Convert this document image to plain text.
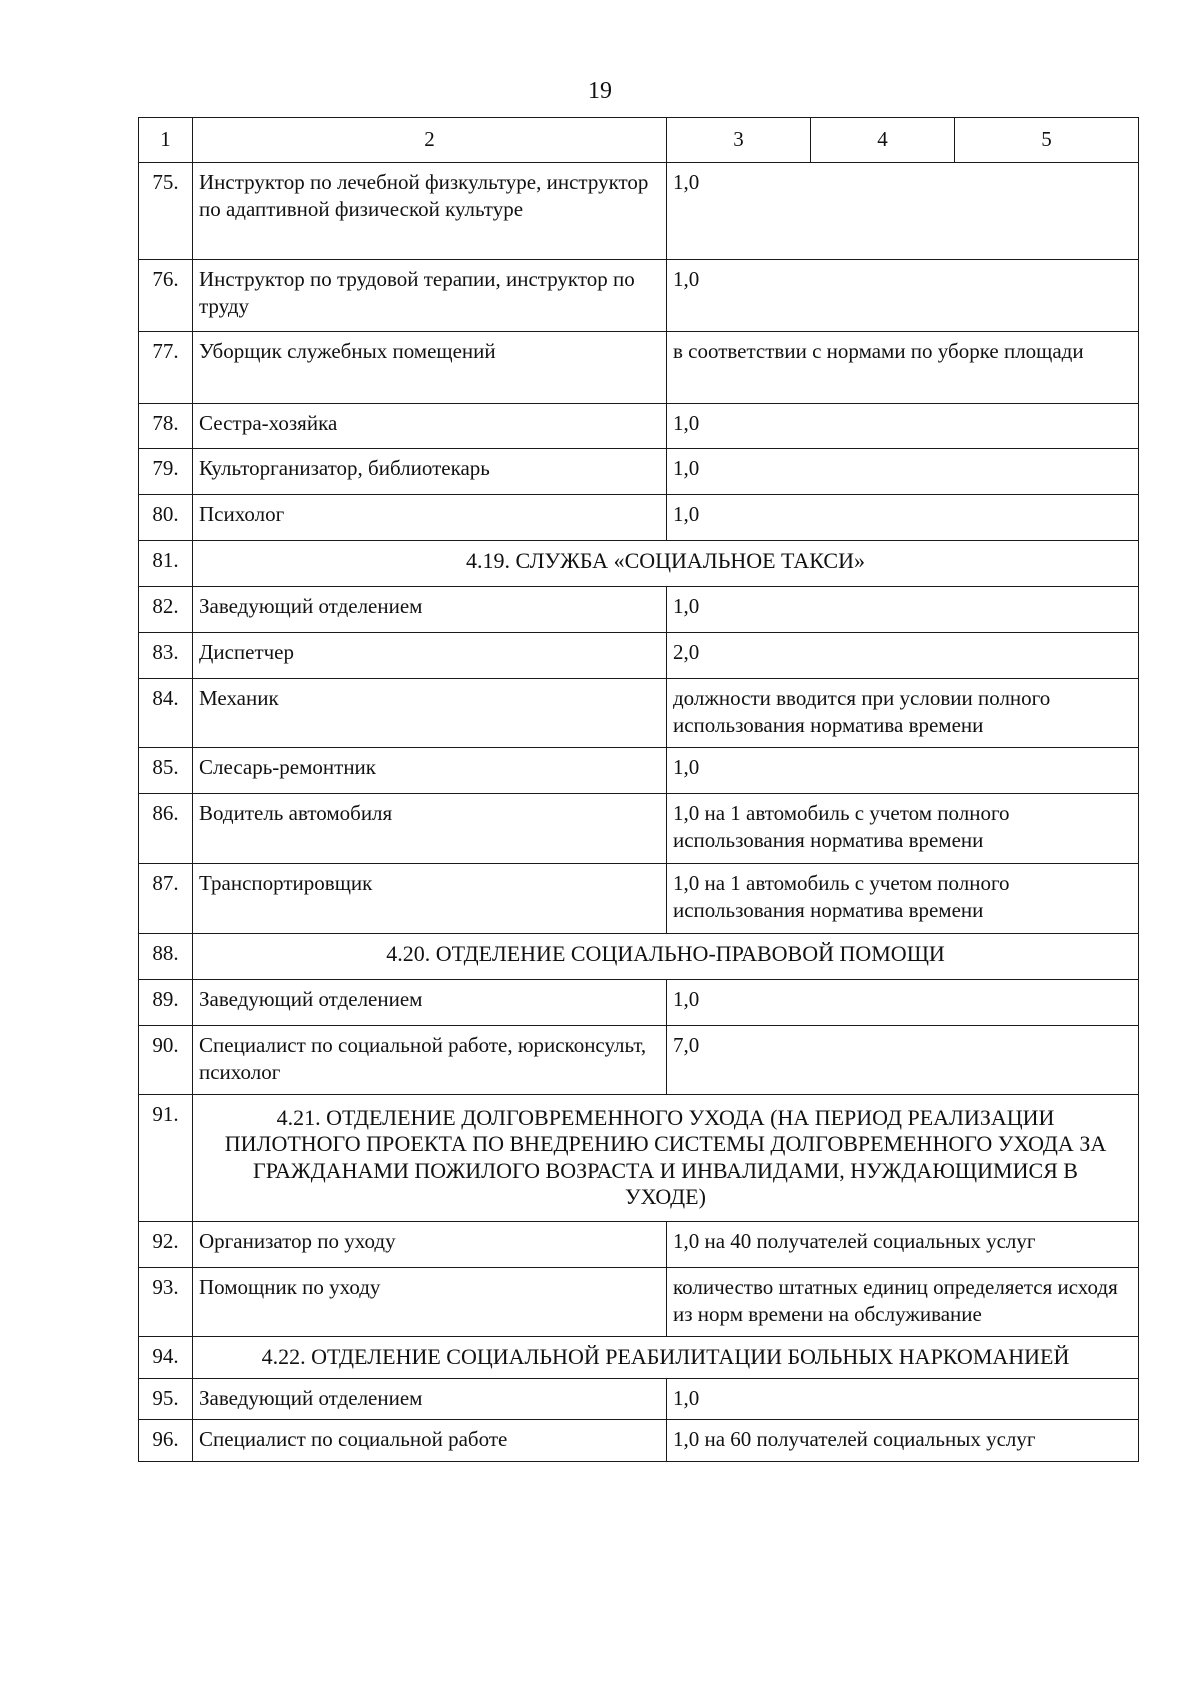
19
1	2	3	4	5
75.	Инструктор по лечебной физкультуре, инструктор по адаптивной физической культуре	1,0		
76.	Инструктор по трудовой терапии, инструктор по труду	1,0		
77.	Уборщик служебных помещений	в соответствии с нормами по уборке площади		
78.	Сестра-хозяйка	1,0		
79.	Культорганизатор, библиотекарь	1,0		
80.	Психолог	1,0		
81.	4.19. СЛУЖБА «СОЦИАЛЬНОЕ ТАКСИ»			
82.	Заведующий отделением	1,0		
83.	Диспетчер	2,0		
84.	Механик	должности вводится при условии полного использования норматива времени		
85.	Слесарь-ремонтник	1,0		
86.	Водитель автомобиля	1,0 на 1 автомобиль с учетом полного использования норматива времени		
87.	Транспортировщик	1,0 на 1 автомобиль с учетом полного использования норматива времени		
88.	4.20. ОТДЕЛЕНИЕ СОЦИАЛЬНО-ПРАВОВОЙ ПОМОЩИ			
89.	Заведующий отделением	1,0		
90.	Специалист по социальной работе, юрисконсульт, психолог	7,0		
91.	4.21. ОТДЕЛЕНИЕ ДОЛГОВРЕМЕННОГО УХОДА (НА ПЕРИОД РЕАЛИЗАЦИИ ПИЛОТНОГО ПРОЕКТА ПО ВНЕДРЕНИЮ СИСТЕМЫ ДОЛГОВРЕМЕННОГО УХОДА ЗА ГРАЖДАНАМИ ПОЖИЛОГО ВОЗРАСТА И ИНВАЛИДАМИ, НУЖДАЮЩИМИСЯ В УХОДЕ)			
92.	Организатор по уходу	1,0 на 40 получателей социальных услуг		
93.	Помощник по уходу	количество штатных единиц определяется исходя из норм времени на обслуживание		
94.	4.22. ОТДЕЛЕНИЕ СОЦИАЛЬНОЙ РЕАБИЛИТАЦИИ БОЛЬНЫХ НАРКОМАНИЕЙ			
95.	Заведующий отделением	1,0		
96.	Специалист по социальной работе	1,0 на 60 получателей социальных услуг		
